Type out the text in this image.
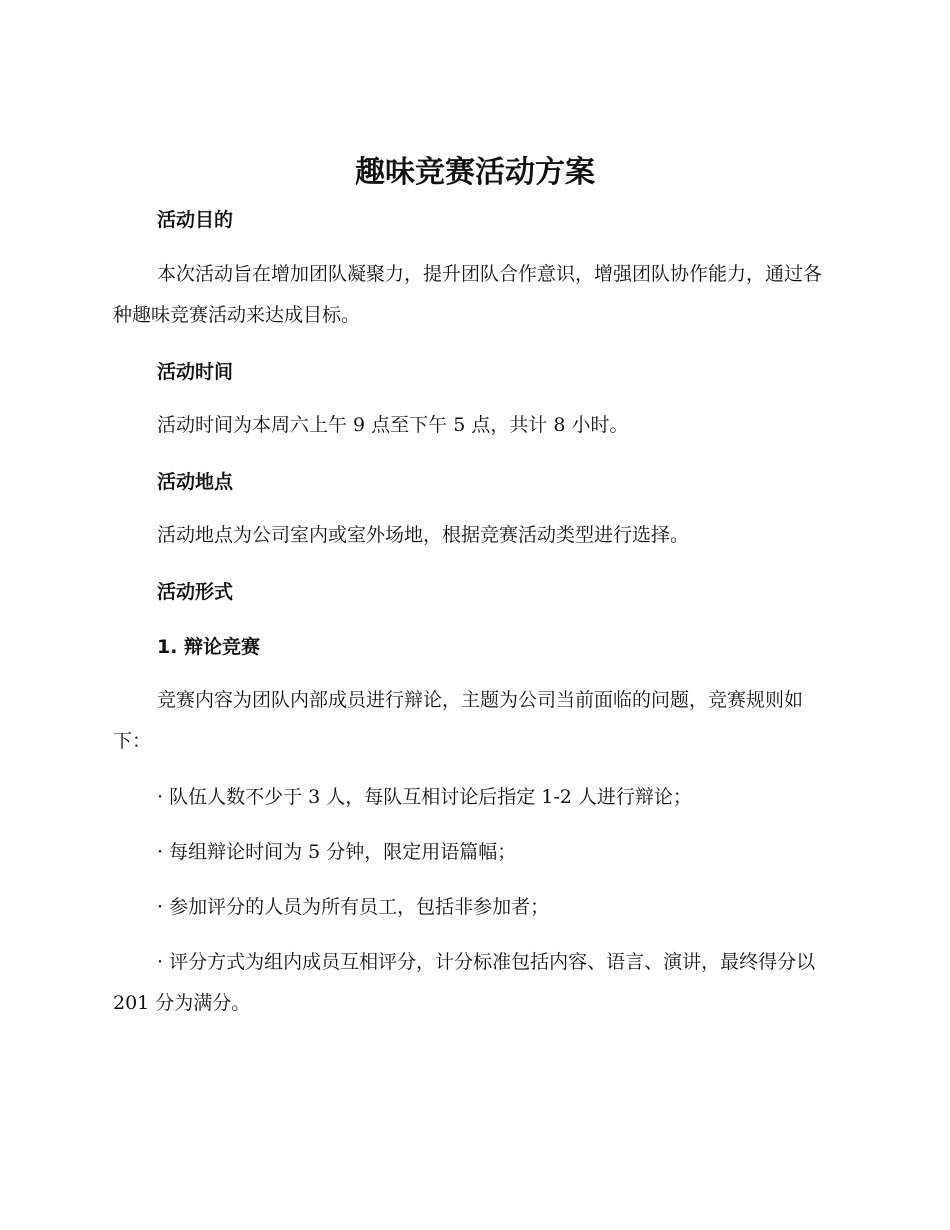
趣味竞赛活动方案
活动目的

本次活动旨在增加团队凝聚力，提升团队合作意识，增强团队协作能力，通过各种趣味竞赛活动来达成目标。

活动时间

活动时间为本周六上午 9 点至下午 5 点，共计 8 小时。

活动地点

活动地点为公司室内或室外场地，根据竞赛活动类型进行选择。

活动形式
1. 辩论竞赛

竞赛内容为团队内部成员进行辩论，主题为公司当前面临的问题，竞赛规则如下：

· 队伍人数不少于 3 人，每队互相讨论后指定 1-2 人进行辩论；

· 每组辩论时间为 5 分钟，限定用语篇幅；

· 参加评分的人员为所有员工，包括非参加者；

· 评分方式为组内成员互相评分，计分标准包括内容、语言、演讲，最终得分以 201 分为满分。
